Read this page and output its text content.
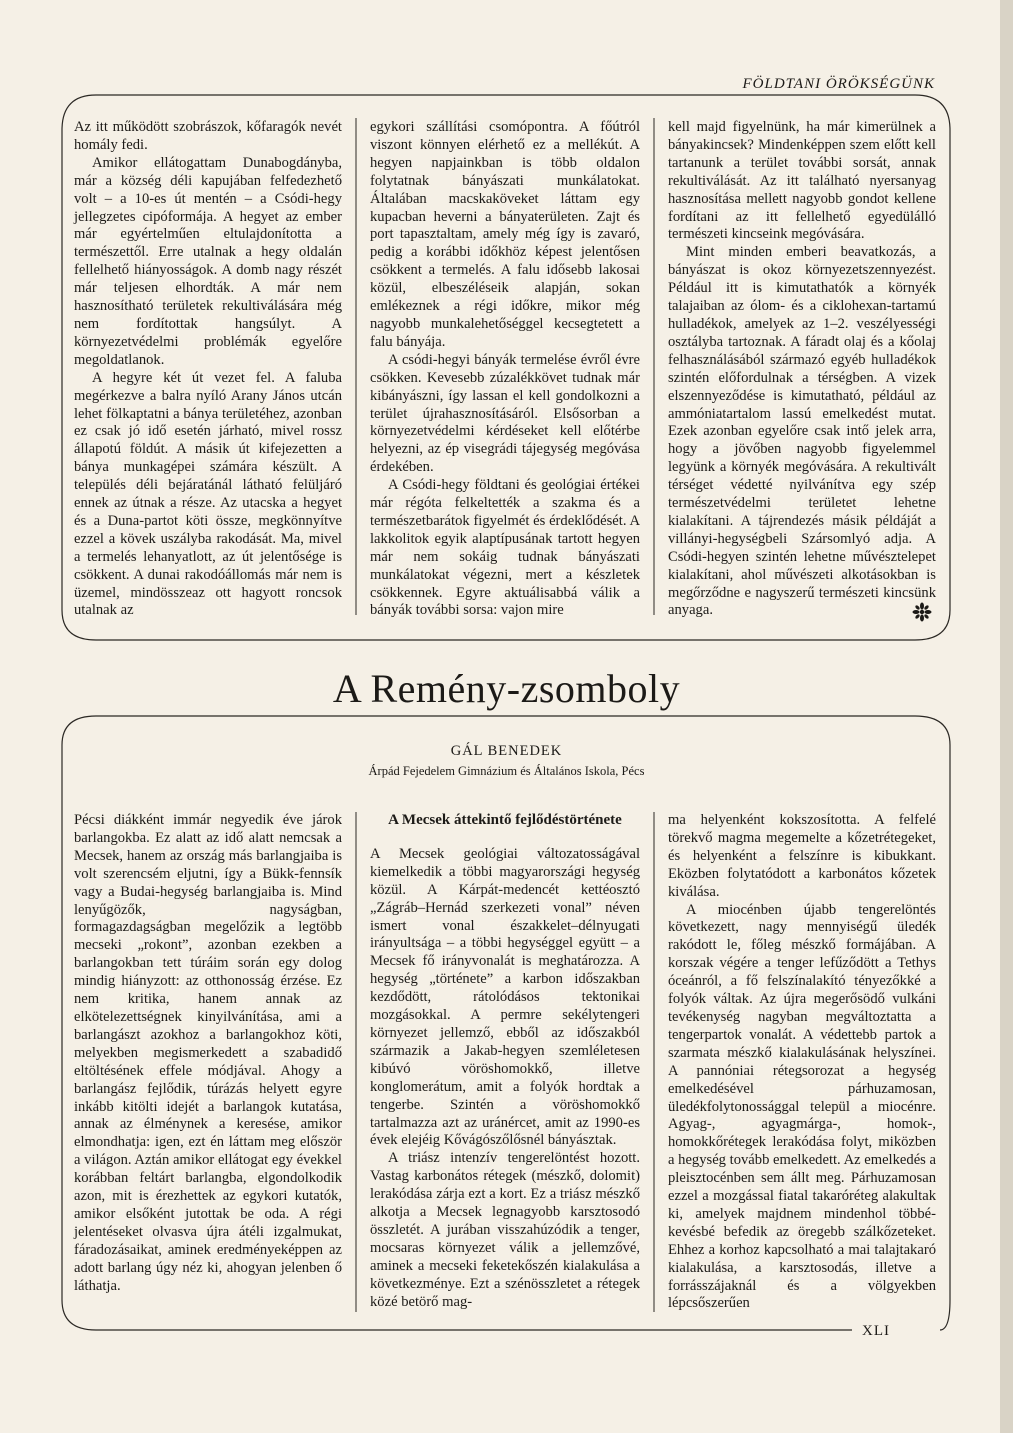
FÖLDTANI ÖRÖKSÉGÜNK

Az itt működött szobrászok, kőfaragók nevét homály fedi.

Amikor ellátogattam Dunabogdányba, már a község déli kapujában felfedezhető volt – a 10-es út mentén – a Csódi-hegy jellegzetes cipóformája. A hegyet az ember már egyértelműen eltulajdonította a természettől. Erre utalnak a hegy oldalán fellelhető hiányosságok. A domb nagy részét már teljesen elhordták. A már nem hasznosítható területek rekultiválására még nem fordítottak hangsúlyt. A környezetvédelmi problémák egyelőre megoldatlanok.

A hegyre két út vezet fel. A faluba megérkezve a balra nyíló Arany János utcán lehet fölkaptatni a bánya területéhez, azonban ez csak jó idő esetén járható, mivel rossz állapotú földút. A másik út kifejezetten a bánya munkagépei számára készült. A település déli bejáratánál látható felüljáró ennek az útnak a része. Az utacska a hegyet és a Duna-partot köti össze, megkönnyítve ezzel a kövek uszályba rakodását. Ma, mivel a termelés lehanyatlott, az út jelentősége is csökkent. A dunai rakodóállomás már nem is üzemel, mindösszeaz ott hagyott roncsok utalnak az

egykori szállítási csomópontra. A főútról viszont könnyen elérhető ez a mellékút. A hegyen napjainkban is több oldalon folytatnak bányászati munkálatokat. Általában macskaköveket láttam egy kupacban heverni a bányaterületen. Zajt és port tapasztaltam, amely még így is zavaró, pedig a korábbi időkhöz képest jelentősen csökkent a termelés. A falu idősebb lakosai közül, elbeszéléseik alapján, sokan emlékeznek a régi időkre, mikor még nagyobb munkalehetőséggel kecsegtetett a falu bányája.

A csódi-hegyi bányák termelése évről évre csökken. Kevesebb zúzalékkövet tudnak már kibányászni, így lassan el kell gondolkozni a terület újrahasznosításáról. Elsősorban a környezetvédelmi kérdéseket kell előtérbe helyezni, az ép visegrádi tájegység megóvása érdekében.

A Csódi-hegy földtani és geológiai értékei már régóta felkeltették a szakma és a természetbarátok figyelmét és érdeklődését. A lakkolitok egyik alaptípusának tartott hegyen már nem sokáig tudnak bányászati munkálatokat végezni, mert a készletek csökkennek. Egyre aktuálisabbá válik a bányák további sorsa: vajon mire

kell majd figyelnünk, ha már kimerülnek a bányakincsek? Mindenképpen szem előtt kell tartanunk a terület további sorsát, annak rekultiválását. Az itt található nyersanyag hasznosítása mellett nagyobb gondot kellene fordítani az itt fellelhető egyedülálló természeti kincseink megóvására.

Mint minden emberi beavatkozás, a bányászat is okoz környezetszennyezést. Például itt is kimutathatók a környék talajaiban az ólom- és a ciklohexan-tartamú hulladékok, amelyek az 1–2. veszélyességi osztályba tartoznak. A fáradt olaj és a kőolaj felhasználásából származó egyéb hulladékok szintén előfordulnak a térségben. A vizek elszennyeződése is kimutatható, például az ammóniatartalom lassú emelkedést mutat. Ezek azonban egyelőre csak intő jelek arra, hogy a jövőben nagyobb figyelemmel legyünk a környék megóvására. A rekultivált térséget védetté nyilvánítva egy szép természetvédelmi területet lehetne kialakítani. A tájrendezés másik példáját a villányi-hegységbeli Szársomlyó adja. A Csódi-hegyen szintén lehetne művésztelepet kialakítani, ahol művészeti alkotásokban is megőrződne e nagyszerű természeti kincsünk anyaga.

A Remény-zsomboly
GÁL BENEDEK
Árpád Fejedelem Gimnázium és Általános Iskola, Pécs

Pécsi diákként immár negyedik éve járok barlangokba. Ez alatt az idő alatt nemcsak a Mecsek, hanem az ország más barlangjaiba is volt szerencsém eljutni, így a Bükk-fennsík vagy a Budai-hegység barlangjaiba is. Mind lenyűgözők, nagyságban, formagazdagságban megelőzik a legtöbb mecseki „rokont”, azonban ezekben a barlangokban tett túráim során egy dolog mindig hiányzott: az otthonosság érzése. Ez nem kritika, hanem annak az elkötelezettségnek kinyilvánítása, ami a barlangászt azokhoz a barlangokhoz köti, melyekben megismerkedett a szabadidő eltöltésének effele módjával. Ahogy a barlangász fejlődik, túrázás helyett egyre inkább kitölti idejét a barlangok kutatása, annak az élménynek a keresése, amikor elmondhatja: igen, ezt én láttam meg először a világon. Aztán amikor ellátogat egy évekkel korábban feltárt barlangba, elgondolkodik azon, mit is érezhettek az egykori kutatók, amikor elsőként jutottak be oda. A régi jelentéseket olvasva újra átéli izgalmukat, fáradozásaikat, aminek eredményeképpen az adott barlang úgy néz ki, ahogyan jelenben ő láthatja.

A Mecsek áttekintő fejlődéstörténete

A Mecsek geológiai változatosságával kiemelkedik a többi magyarországi hegység közül. A Kárpát-medencét kettéosztó „Zágráb–Hernád szerkezeti vonal” néven ismert vonal északkelet–délnyugati irányultsága – a többi hegységgel együtt – a Mecsek fő irányvonalát is meghatározza. A hegység „története” a karbon időszakban kezdődött, rátolódásos tektonikai mozgásokkal. A permre sekélytengeri környezet jellemző, ebből az időszakból származik a Jakab-hegyen szemléletesen kibúvó vöröshomokkő, illetve konglomerátum, amit a folyók hordtak a tengerbe. Szintén a vöröshomokkő tartalmazza azt az uránércet, amit az 1990-es évek elejéig Kővágószőlősnél bányásztak.

A triász intenzív tengerelöntést hozott. Vastag karbonátos rétegek (mészkő, dolomit) lerakódása zárja ezt a kort. Ez a triász mészkő alkotja a Mecsek legnagyobb karsztosodó összletét. A jurában visszahúzódik a tenger, mocsaras környezet válik a jellemzővé, aminek a mecseki feketekőszén kialakulása a következménye. Ezt a szénösszletet a rétegek közé betörő mag-

ma helyenként kokszosította. A felfelé törekvő magma megemelte a kőzetrétegeket, és helyenként a felszínre is kibukkant. Eközben folytatódott a karbonátos kőzetek kiválása.

A miocénben újabb tengerelöntés következett, nagy mennyiségű üledék rakódott le, főleg mészkő formájában. A korszak végére a tenger lefűződött a Tethys óceánról, a fő felszínalakító tényezőkké a folyók váltak. Az újra megerősödő vulkáni tevékenység nagyban megváltoztatta a tengerpartok vonalát. A védettebb partok a szarmata mészkő kialakulásának helyszínei. A pannóniai rétegsorozat a hegység emelkedésével párhuzamosan, üledékfolytonossággal települ a miocénre. Agyag-, agyagmárga-, homok-, homokkőrétegek lerakódása folyt, miközben a hegység tovább emelkedett. Az emelkedés a pleisztocénben sem állt meg. Párhuzamosan ezzel a mozgással fiatal takaróréteg alakultak ki, amelyek majdnem mindenhol többé-kevésbé befedik az öregebb szálkőzeteket. Ehhez a korhoz kapcsolható a mai talajtakaró kialakulása, a karsztosodás, illetve a forrásszájaknál és a völgyekben lépcsőszerűen

XLI
